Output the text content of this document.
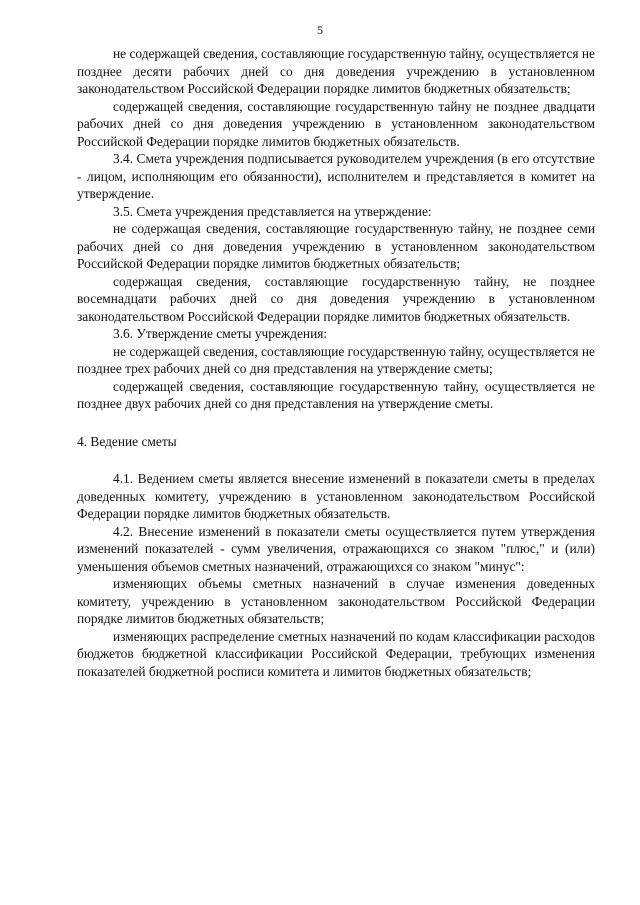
5

не содержащей сведения, составляющие государственную тайну, осуществляется не позднее десяти рабочих дней со дня доведения учреждению в установленном законодательством Российской Федерации порядке лимитов бюджетных обязательств;

содержащей сведения, составляющие государственную тайну не позднее двадцати рабочих дней со дня доведения учреждению в установленном законодательством Российской Федерации порядке лимитов бюджетных обязательств.

3.4. Смета учреждения подписывается руководителем учреждения (в его отсутствие - лицом, исполняющим его обязанности), исполнителем и представляется в комитет на утверждение.

3.5. Смета учреждения представляется на утверждение:

не содержащая сведения, составляющие государственную тайну, не позднее семи рабочих дней со дня доведения учреждению в установленном законодательством Российской Федерации порядке лимитов бюджетных обязательств;

содержащая сведения, составляющие государственную тайну, не позднее восемнадцати рабочих дней со дня доведения учреждению в установленном законодательством Российской Федерации порядке лимитов бюджетных обязательств.

3.6. Утверждение сметы учреждения:

не содержащей сведения, составляющие государственную тайну, осуществляется не позднее трех рабочих дней со дня представления на утверждение сметы;

содержащей сведения, составляющие государственную тайну, осуществляется не позднее двух рабочих дней со дня представления на утверждение сметы.

4. Ведение сметы

4.1. Ведением сметы является внесение изменений в показатели сметы в пределах доведенных комитету, учреждению в установленном законодательством Российской Федерации порядке лимитов бюджетных обязательств.

4.2. Внесение изменений в показатели сметы осуществляется путем утверждения изменений показателей - сумм увеличения, отражающихся со знаком "плюс," и (или) уменьшения объемов сметных назначений, отражающихся со знаком "минус":

изменяющих объемы сметных назначений в случае изменения доведенных комитету, учреждению в установленном законодательством Российской Федерации порядке лимитов бюджетных обязательств;

изменяющих распределение сметных назначений по кодам классификации расходов бюджетов бюджетной классификации Российской Федерации, требующих изменения показателей бюджетной росписи комитета и лимитов бюджетных обязательств;
